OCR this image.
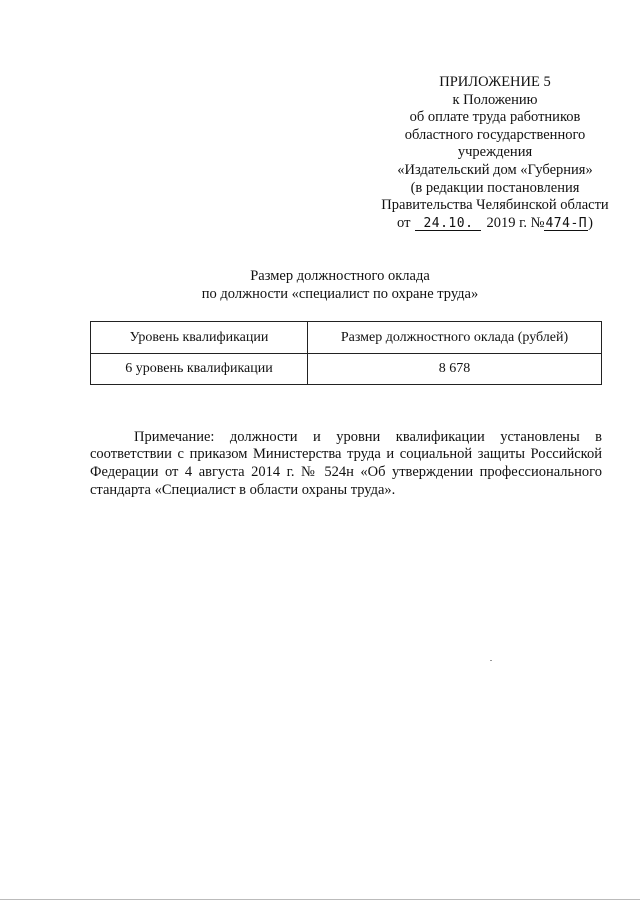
ПРИЛОЖЕНИЕ 5
к Положению
об оплате труда работников
областного государственного
учреждения
«Издательский дом «Губерния»
(в редакции постановления
Правительства Челябинской области
от 24.10. 2019 г. №474-П)
Размер должностного оклада
по должности «специалист по охране труда»
Уровень квалификации	Размер должностного оклада (рублей)
6 уровень квалификации	8 678

Примечание: должности и уровни квалификации установлены в соответствии с приказом Министерства труда и социальной защиты Российской Федерации от 4 августа 2014 г. № 524н «Об утверждении профессионального стандарта «Специалист в области охраны труда».
